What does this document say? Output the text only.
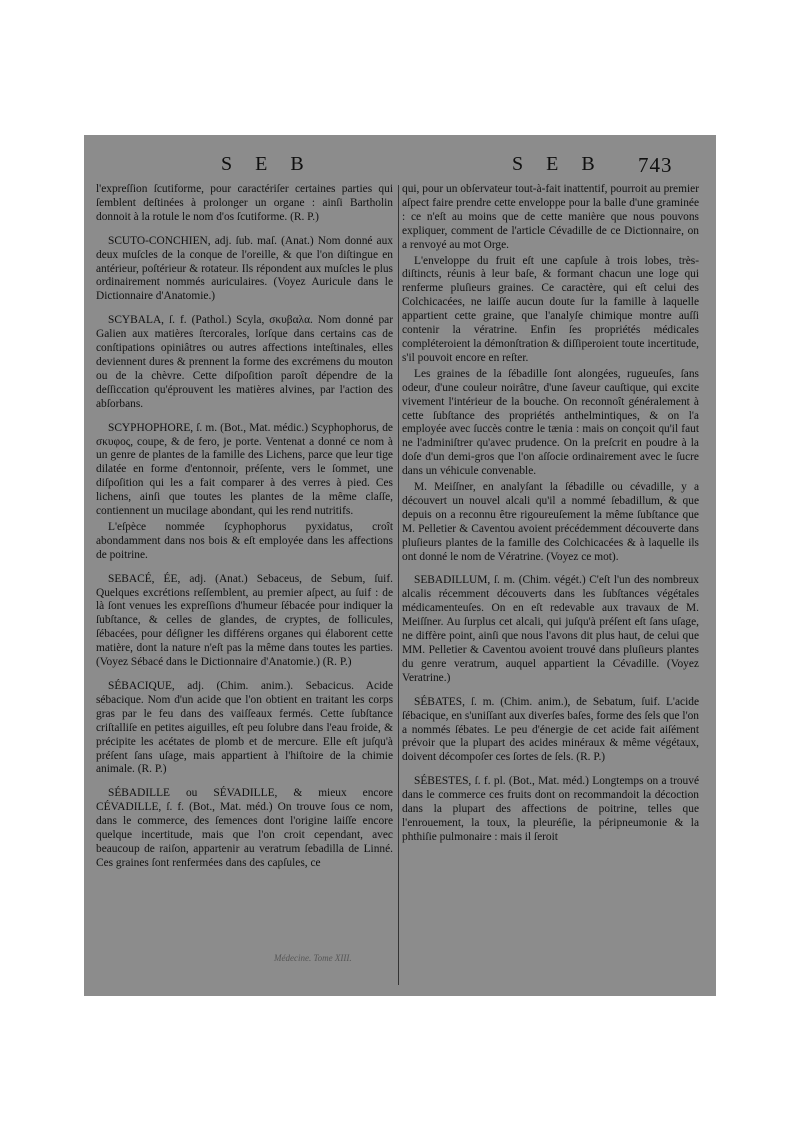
S E B	S E B 743

l'expreſſion ſcutiforme, pour caractériſer certaines parties qui ſemblent deſtinées à prolonger un organe : ainſi Bartholin donnoit à la rotule le nom d'os ſcutiforme. (R. P.)

SCUTO-CONCHIEN, adj. ſub. maſ. (Anat.) Nom donné aux deux muſcles de la conque de l'oreille, & que l'on diſtingue en antérieur, poſtérieur & rotateur. Ils répondent aux muſcles le plus ordinairement nommés auriculaires. (Voyez Auricule dans le Dictionnaire d'Anatomie.)

SCYBALA, ſ. f. (Pathol.) Scyla, σκυβαλα. Nom donné par Galien aux matières ſtercorales, lorſque dans certains cas de conſtipations opiniâtres ou autres affections inteſtinales, elles deviennent dures & prennent la forme des excrémens du mouton ou de la chèvre. Cette diſpoſition paroît dépendre de la deſſiccation qu'éprouvent les matières alvines, par l'action des abſorbans.

SCYPHOPHORE, ſ. m. (Bot., Mat. médic.) Scyphophorus, de σκυφος, coupe, & de fero, je porte. Ventenat a donné ce nom à un genre de plantes de la famille des Lichens, parce que leur tige dilatée en forme d'entonnoir, préſente, vers le ſommet, une diſpoſition qui les a fait comparer à des verres à pied. Ces lichens, ainſi que toutes les plantes de la même claſſe, contiennent un mucilage abondant, qui les rend nutritifs.

L'eſpèce nommée ſcyphophorus pyxidatus, croît abondamment dans nos bois & eſt employée dans les affections de poitrine.

SEBACÉ, ÉE, adj. (Anat.) Sebaceus, de Sebum, ſuif. Quelques excrétions reſſemblent, au premier aſpect, au ſuif : de là ſont venues les expreſſions d'humeur ſébacée pour indiquer la ſubſtance, & celles de glandes, de cryptes, de follicules, ſébacées, pour déſigner les différens organes qui élaborent cette matière, dont la nature n'eſt pas la même dans toutes les parties. (Voyez Sébacé dans le Dictionnaire d'Anatomie.) (R. P.)

SÉBACIQUE, adj. (Chim. anim.). Sebacicus. Acide sébacique. Nom d'un acide que l'on obtient en traitant les corps gras par le feu dans des vaiſſeaux fermés. Cette ſubſtance criſtalliſe en petites aiguilles, eſt peu ſolubre dans l'eau froide, & précipite les acétates de plomb et de mercure. Elle eſt juſqu'à préſent ſans uſage, mais appartient à l'hiſtoire de la chimie animale. (R. P.)

SÉBADILLE ou SÉVADILLE, & mieux encore CÉVADILLE, ſ. f. (Bot., Mat. méd.) On trouve ſous ce nom, dans le commerce, des ſemences dont l'origine laiſſe encore quelque incertitude, mais que l'on croit cependant, avec beaucoup de raiſon, appartenir au veratrum ſebadilla de Linné. Ces graines ſont renfermées dans des capſules, ce

qui, pour un obſervateur tout-à-fait inattentif, pourroit au premier aſpect faire prendre cette enveloppe pour la balle d'une graminée : ce n'eſt au moins que de cette manière que nous pouvons expliquer, comment de l'article Cévadille de ce Dictionnaire, on a renvoyé au mot Orge.

L'enveloppe du fruit eſt une capſule à trois lobes, très-diſtincts, réunis à leur baſe, & formant chacun une loge qui renferme pluſieurs graines. Ce caractère, qui eſt celui des Colchicacées, ne laiſſe aucun doute ſur la famille à laquelle appartient cette graine, que l'analyſe chimique montre auſſi contenir la vératrine. Enfin ſes propriétés médicales compléteroient la démonſtration & diſſiperoient toute incertitude, s'il pouvoit encore en reſter.

Les graines de la ſébadille ſont alongées, rugueuſes, ſans odeur, d'une couleur noirâtre, d'une ſaveur cauſtique, qui excite vivement l'intérieur de la bouche. On reconnoît généralement à cette ſubſtance des propriétés anthelmintiques, & on l'a employée avec ſuccès contre le tænia : mais on conçoit qu'il faut ne l'adminiſtrer qu'avec prudence. On la preſcrit en poudre à la doſe d'un demi-gros que l'on aſſocie ordinairement avec le ſucre dans un véhicule convenable.

M. Meiſſner, en analyſant la ſébadille ou cévadille, y a découvert un nouvel alcali qu'il a nommé ſebadillum, & que depuis on a reconnu être rigoureuſement la même ſubſtance que M. Pelletier & Caventou avoient précédemment découverte dans pluſieurs plantes de la famille des Colchicacées & à laquelle ils ont donné le nom de Vératrine. (Voyez ce mot).

SEBADILLUM, ſ. m. (Chim. végét.) C'eſt l'un des nombreux alcalis récemment découverts dans les ſubſtances végétales médicamenteuſes. On en eſt redevable aux travaux de M. Meiſſner. Au ſurplus cet alcali, qui juſqu'à préſent eſt ſans uſage, ne diffère point, ainſi que nous l'avons dit plus haut, de celui que MM. Pelletier & Caventou avoient trouvé dans pluſieurs plantes du genre veratrum, auquel appartient la Cévadille. (Voyez Veratrine.)

SÉBATES, ſ. m. (Chim. anim.), de Sebatum, ſuif. L'acide ſébacique, en s'uniſſant aux diverſes baſes, forme des ſels que l'on a nommés ſébates. Le peu d'énergie de cet acide fait aiſément prévoir que la plupart des acides minéraux & même végétaux, doivent décompoſer ces ſortes de ſels. (R. P.)

SÉBESTES, ſ. f. pl. (Bot., Mat. méd.) Longtemps on a trouvé dans le commerce ces fruits dont on recommandoit la décoction dans la plupart des affections de poitrine, telles que l'enrouement, la toux, la pleuréſie, la péripneumonie & la phthiſie pulmonaire : mais il ſeroit

Médecine. Tome XIII.
